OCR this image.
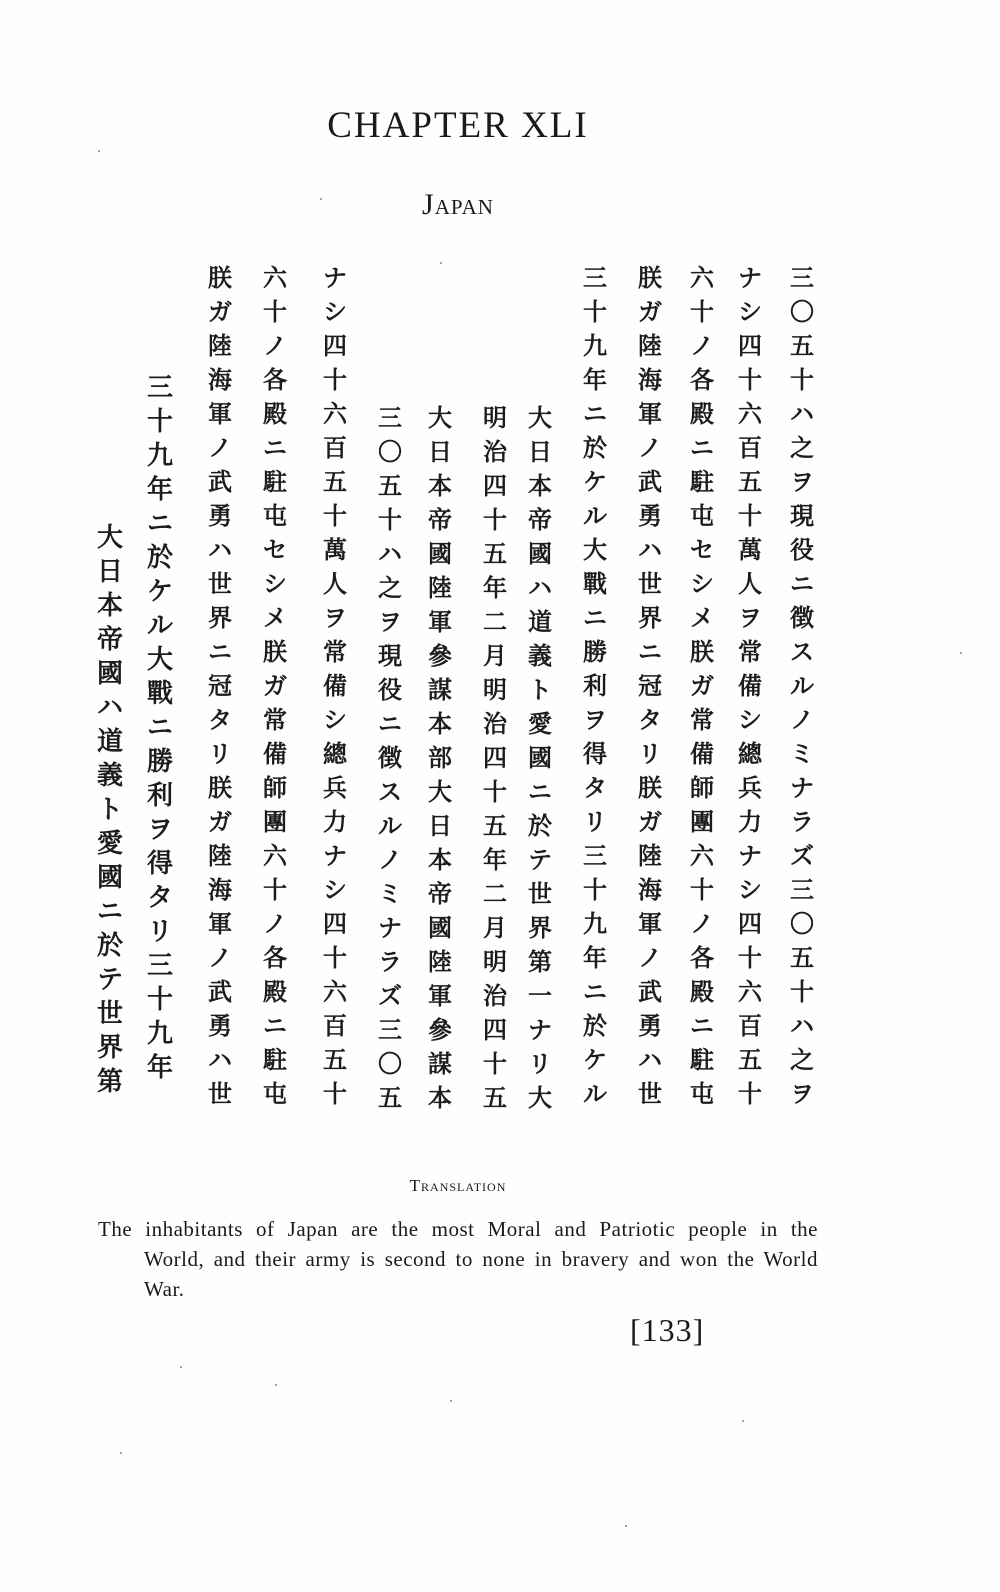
CHAPTER XLI
Japan
三
〇
五
十
ハ
之
ヲ
現
役
ニ
徴
ス
ル
ノ
ミ
ナ
ラ
ズ
三
〇
五
十
ハ
之
ヲ
ナ
シ
四
十
六
百
五
十
萬
人
ヲ
常
備
シ
總
兵
力
ナ
シ
四
十
六
百
五
十
六
十
ノ
各
殿
ニ
駐
屯
セ
シ
メ
朕
ガ
常
備
師
團
六
十
ノ
各
殿
ニ
駐
屯
朕
ガ
陸
海
軍
ノ
武
勇
ハ
世
界
ニ
冠
タ
リ
朕
ガ
陸
海
軍
ノ
武
勇
ハ
世
三
十
九
年
ニ
於
ケ
ル
大
戰
ニ
勝
利
ヲ
得
タ
リ
三
十
九
年
ニ
於
ケ
ル
大
日
本
帝
國
ハ
道
義
ト
愛
國
ニ
於
テ
世
界
第
一
ナ
リ
大
明
治
四
十
五
年
二
月
明
治
四
十
五
年
二
月
明
治
四
十
五
大
日
本
帝
國
陸
軍
參
謀
本
部
大
日
本
帝
國
陸
軍
參
謀
本
三
〇
五
十
ハ
之
ヲ
現
役
ニ
徴
ス
ル
ノ
ミ
ナ
ラ
ズ
三
〇
五
ナ
シ
四
十
六
百
五
十
萬
人
ヲ
常
備
シ
總
兵
力
ナ
シ
四
十
六
百
五
十
六
十
ノ
各
殿
ニ
駐
屯
セ
シ
メ
朕
ガ
常
備
師
團
六
十
ノ
各
殿
ニ
駐
屯
朕
ガ
陸
海
軍
ノ
武
勇
ハ
世
界
ニ
冠
タ
リ
朕
ガ
陸
海
軍
ノ
武
勇
ハ
世
三
十
九
年
ニ
於
ケ
ル
大
戰
ニ
勝
利
ヲ
得
タ
リ
三
十
九
年
大
日
本
帝
國
ハ
道
義
ト
愛
國
ニ
於
テ
世
界
第
Translation
The inhabitants of Japan are the most Moral and Patriotic people in the World, and their army is second to none in bravery and won the World War.
[133]
